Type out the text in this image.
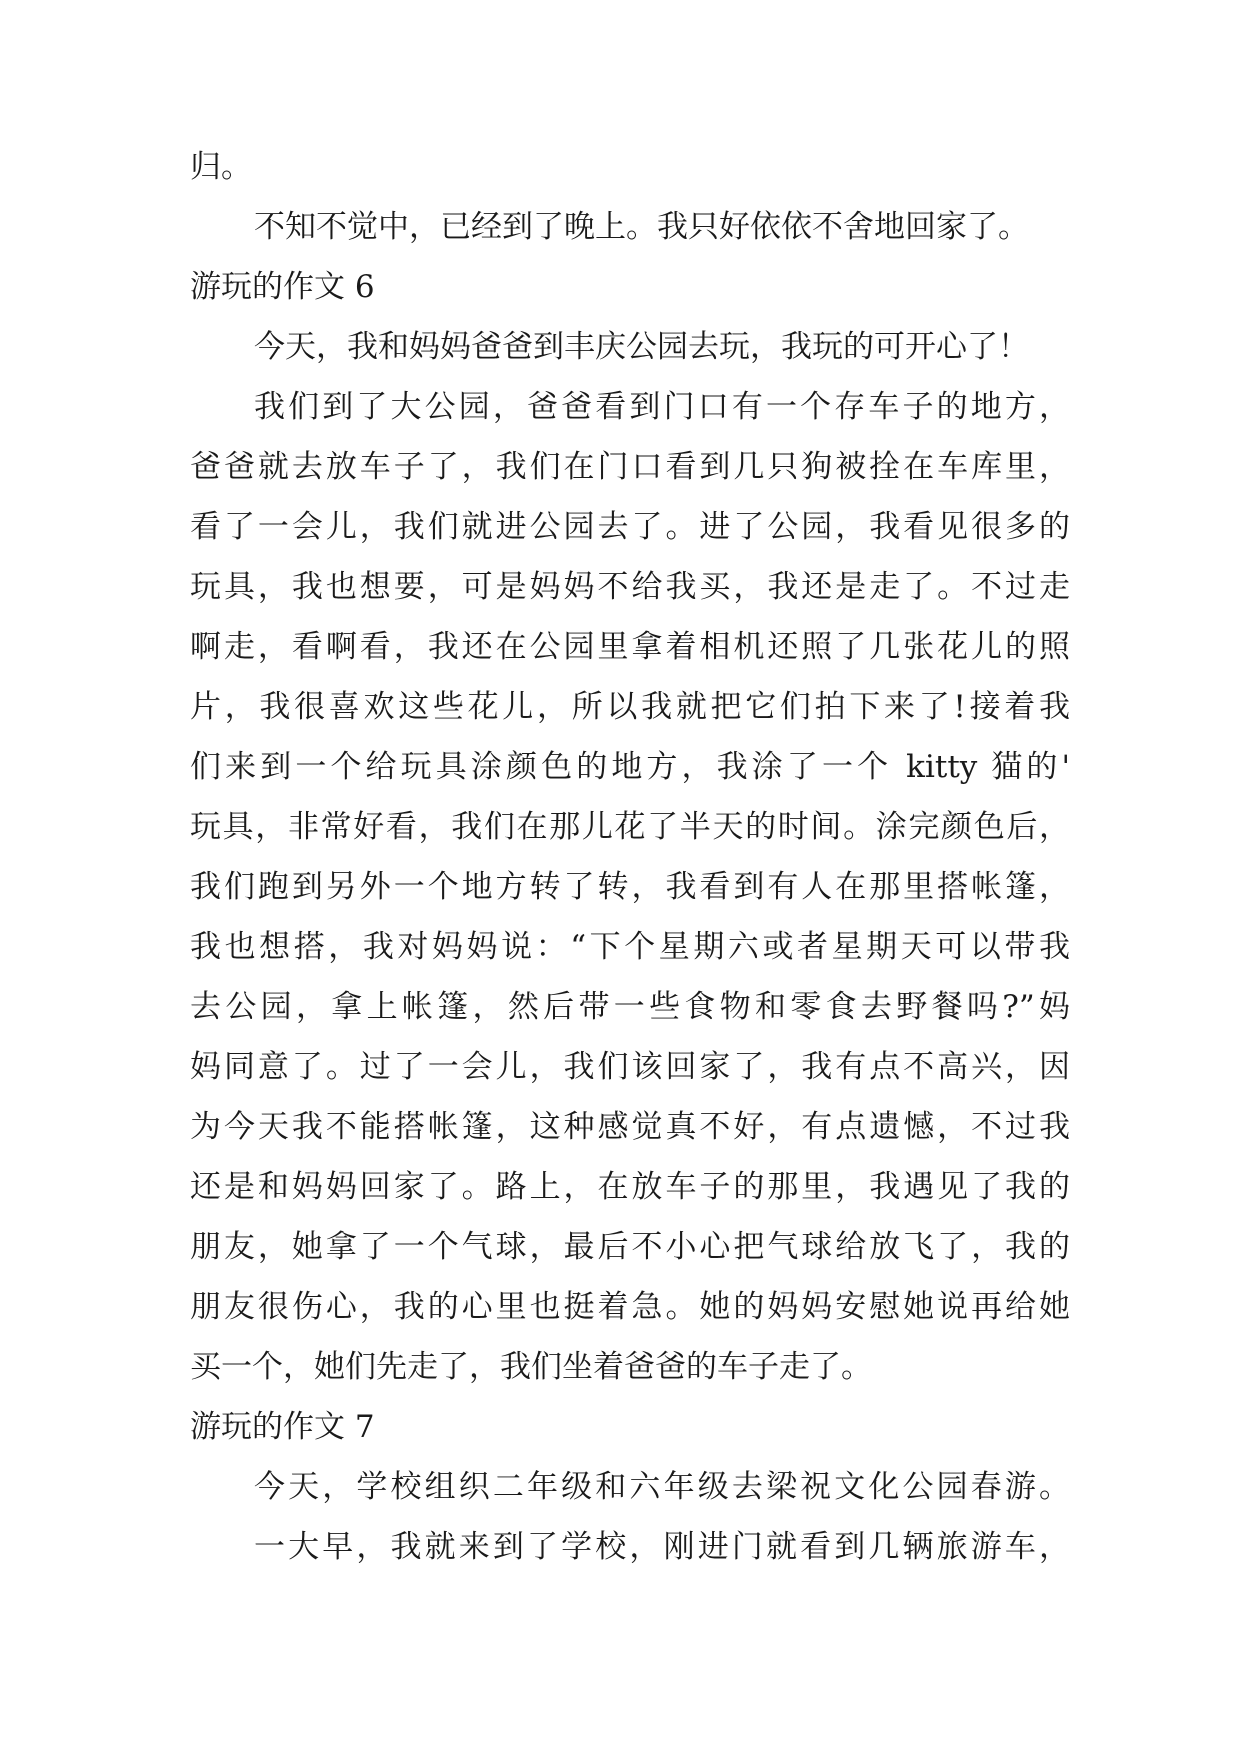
归。
不知不觉中，已经到了晚上。我只好依依不舍地回家了。
游玩的作文 6
今天，我和妈妈爸爸到丰庆公园去玩，我玩的可开心了！
我们到了大公园，爸爸看到门口有一个存车子的地方，
爸爸就去放车子了，我们在门口看到几只狗被拴在车库里，
看了一会儿，我们就进公园去了。进了公园，我看见很多的
玩具，我也想要，可是妈妈不给我买，我还是走了。不过走
啊走，看啊看，我还在公园里拿着相机还照了几张花儿的照
片，我很喜欢这些花儿，所以我就把它们拍下来了!接着我
们来到一个给玩具涂颜色的地方，我涂了一个 kitty 猫的'
玩具，非常好看，我们在那儿花了半天的时间。涂完颜色后，
我们跑到另外一个地方转了转，我看到有人在那里搭帐篷，
我也想搭，我对妈妈说：“下个星期六或者星期天可以带我
去公园，拿上帐篷，然后带一些食物和零食去野餐吗?”妈
妈同意了。过了一会儿，我们该回家了，我有点不高兴，因
为今天我不能搭帐篷，这种感觉真不好，有点遗憾，不过我
还是和妈妈回家了。路上，在放车子的那里，我遇见了我的
朋友，她拿了一个气球，最后不小心把气球给放飞了，我的
朋友很伤心，我的心里也挺着急。她的妈妈安慰她说再给她
买一个，她们先走了，我们坐着爸爸的车子走了。
游玩的作文 7
今天，学校组织二年级和六年级去梁祝文化公园春游。
一大早，我就来到了学校，刚进门就看到几辆旅游车，
